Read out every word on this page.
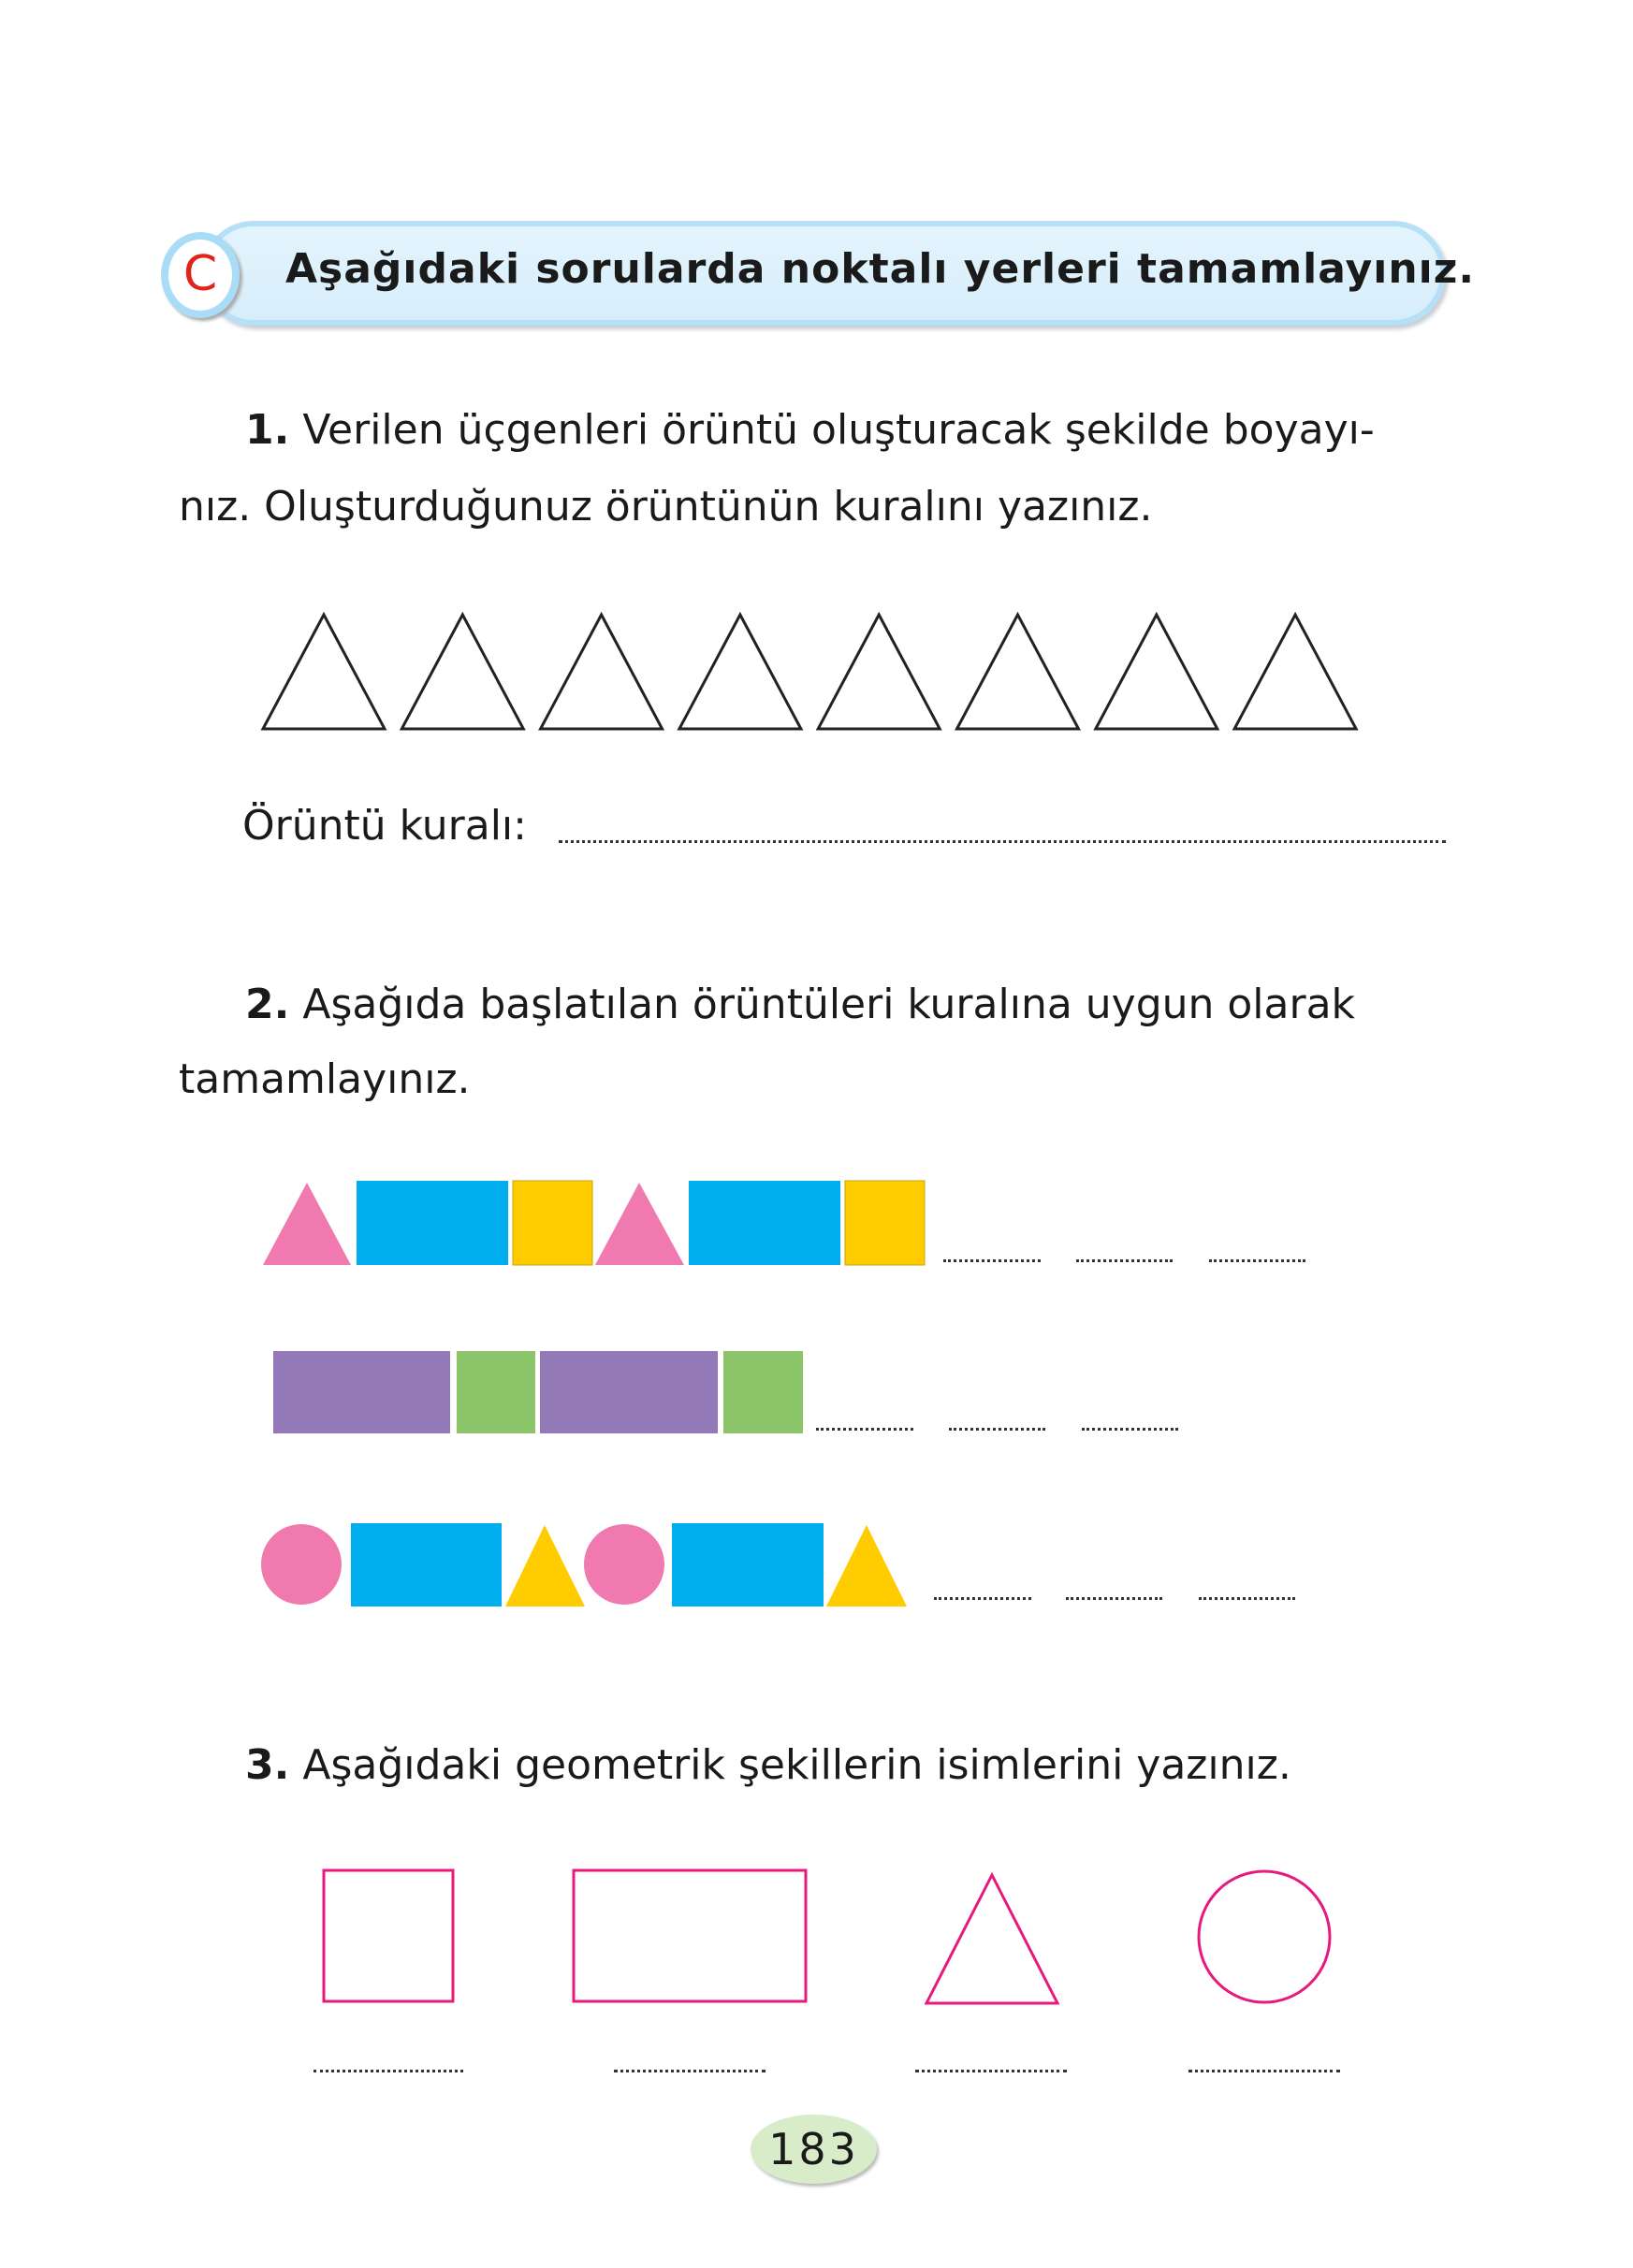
C	Aşağıdaki sorularda noktalı yerleri tamamlayınız.
1. Verilen üçgenleri örüntü oluşturacak şekilde boyayı-
nız. Oluşturduğunuz örüntünün kuralını yazınız.
Örüntü kuralı:
2. Aşağıda başlatılan örüntüleri kuralına uygun olarak
tamamlayınız.
3. Aşağıdaki geometrik şekillerin isimlerini yazınız.
183
